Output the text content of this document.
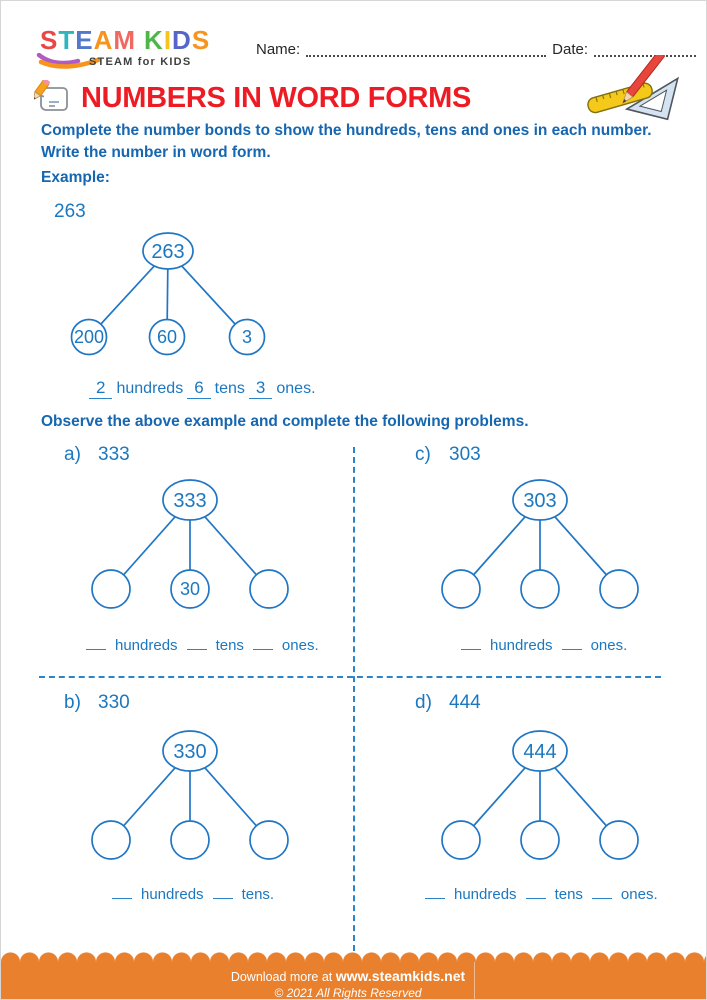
STEAM KIDS
STEAM for KIDS
Name:	Date:
NUMBERS IN WORD FORMS
Complete the number bonds to show the hundreds, tens and ones in each number. Write the number in word form.
Example:
263
263
200	60	3
2 hundreds 6 tens 3 ones.
Observe the above example and complete the following problems.
a) 333	c) 303
b) 330	d) 444
333
30
303
330	444
hundreds	tens	ones.	hundreds	ones.
hundreds	tens.	hundreds	tens	ones.
Download more at www.steamkids.net
© 2021 All Rights Reserved
